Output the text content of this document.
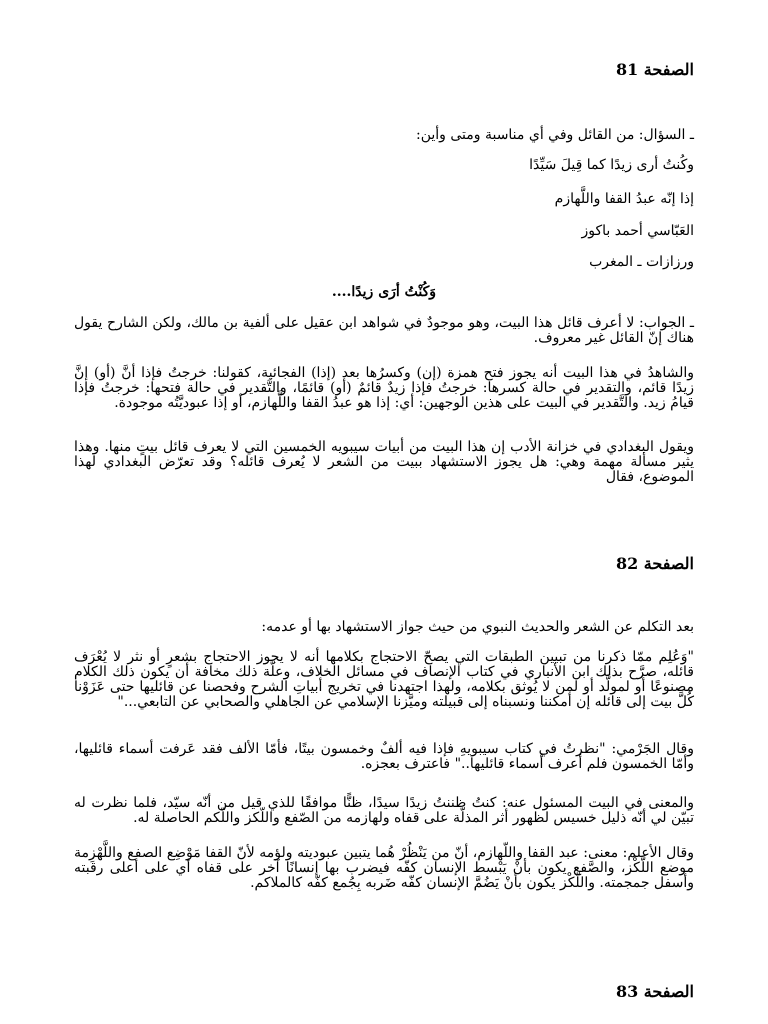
الصفحة 81

ـ السؤال: من القائل وفي أي مناسبة ومتى وأين:

وكُنتُ أرى زيدًا كما قِيلَ سَيِّدًا

إذا إنّه عبدُ القفا واللَّهازم

العَبّاسي أحمد باكوز

ورزازات ـ المغرب

وَكُنْتُ أرَى زيدًا....

ـ الجواب: لا أعرف قائل هذا البيت، وهو موجودٌ في شواهد ابن عقيل على ألفية بن مالك، ولكن الشارح يقول هناك إنّ القائل غير معروف.

والشاهدُ في هذا البيت أنه يجوز فتح همزة (إن) وكسرُها بعد (إذا) الفجائية، كقولنا: خرجتُ فإذا أنَّ (أو) إنَّ زيدًا قائم، والتقدير في حالة كسرها: خرجتُ فإذا زيدٌ قائمٌ (أو) قائمًا، والتَّقدير في حالة فتحها: خرجتُ فإذا قيامُ زيد. والتَّقدير في البيت على هذين الوجهين: أي: إذا هو عبدُ القفا واللَّهازم، أو إذا عبوديَّتُه موجودة.

ويقول البغدادي في خزانة الأدب إن هذا البيت من أبيات سيبويه الخمسين التي لا يعرف قائل بيتٍ منها. وهذا يثير مسألة مهمة وهي: هل يجوز الاستشهاد ببيت من الشعر لا يُعرف قائله؟ وقد تعرّض البغدادي لهذا الموضوع، فقال

الصفحة 82

بعد التكلم عن الشعر والحديث النبوي من حيث جواز الاستشهاد بها أو عدمه:

"وَعُلِم ممّا ذكرنا من تبيين الطبقات التي يصحّ الاحتجاج بكلامها أنه لا يجوز الاحتجاج بشعرٍ أو نثر لا يُعْرَف قائله، صرَّح بذلك ابن الأنباري في كتاب الإنصاف في مسائل الخلاف، وعلَّة ذلك مخافة أن يكون ذلك الكلام مصنوعًا أو لمولَّد أو لمن لا يُوثق بكلامه، ولهذا اجتهدنا في تخريج أبياتِ الشرح وفحصنا عن قائليها حتى عَزَوْنا كُلَّ بيت إلى قائله إن أمكننا ونسبناه إلى قبيلته وميَّزنا الإسلامي عن الجاهلي والصحابي عن التابعي..."

وقال الجَرْمي: "نظرتُ في كتاب سيبويهِ فإذا فيه ألفٌ وخمسون بيتًا، فأمّا الألف فقد عَرفت أسماء قائليها، وأمّا الخمسون فلم أعرف أسماء قائليها.." فاعترف بعجزه.

والمعنى في البيت المسئول عنه: كنتُ ظننتُ زيدًا سيدًا، ظنًّا موافقًا للذي قيل من أنّه سيّد، فلما نظرت له تبيّن لي أنّه ذليل خسيس لظهور أثر المذلّة على قفاه ولهازمه من الصّفع واللّكز واللّكم الحاصلة له.

وقال الأعلم: معنى: عبد القفا واللّهازم، أنّ من يَنْظُرْ هُما يتبين عبوديته ولؤمه لأنّ القفا مَوْضِع الصفع واللَّهْزِمة موضع اللَّكْز، والصَّفع يكون بأنْ يَبْسط الإنسان كفّه فيضرب بها إنسانًا آخر على قفاه أي على أعلى رقبته وأسفل جمجمته. واللّكْز يكون بأنْ يَضُمَّ الإنسان كفّه ضَربه بِجُمع كفّه كالملاكم.

الصفحة 83
